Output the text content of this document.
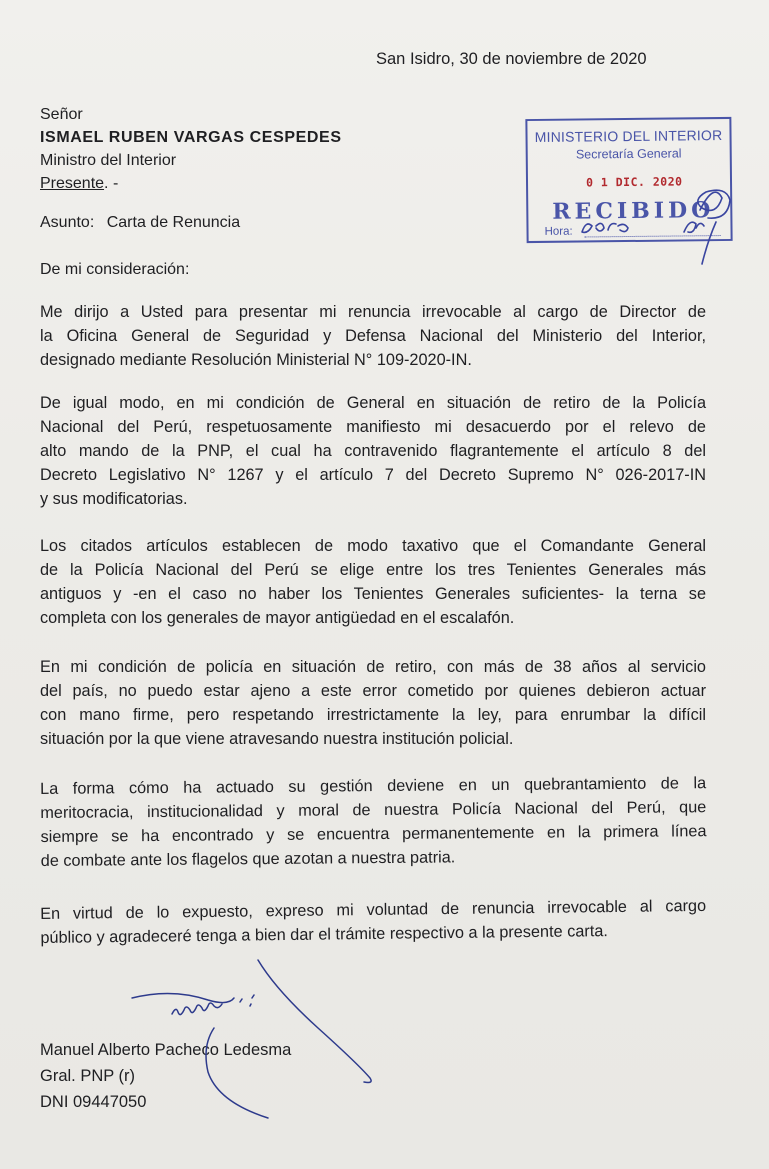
San Isidro, 30 de noviembre de 2020
Señor
ISMAEL RUBEN VARGAS CESPEDES
Ministro del Interior
Presente. -
Asunto: Carta de Renuncia
De mi consideración:
Me dirijo a Usted para presentar mi renuncia irrevocable al cargo de Director de
la Oficina General de Seguridad y Defensa Nacional del Ministerio del Interior,
designado mediante Resolución Ministerial N° 109-2020-IN.
De igual modo, en mi condición de General en situación de retiro de la Policía
Nacional del Perú, respetuosamente manifiesto mi desacuerdo por el relevo de
alto mando de la PNP, el cual ha contravenido flagrantemente el artículo 8 del
Decreto Legislativo N° 1267 y el artículo 7 del Decreto Supremo N° 026-2017-IN
y sus modificatorias.
Los citados artículos establecen de modo taxativo que el Comandante General
de la Policía Nacional del Perú se elige entre los tres Tenientes Generales más
antiguos y -en el caso no haber los Tenientes Generales suficientes- la terna se
completa con los generales de mayor antigüedad en el escalafón.
En mi condición de policía en situación de retiro, con más de 38 años al servicio
del país, no puedo estar ajeno a este error cometido por quienes debieron actuar
con mano firme, pero respetando irrestrictamente la ley, para enrumbar la difícil
situación por la que viene atravesando nuestra institución policial.
La forma cómo ha actuado su gestión deviene en un quebrantamiento de la
meritocracia, institucionalidad y moral de nuestra Policía Nacional del Perú, que
siempre se ha encontrado y se encuentra permanentemente en la primera línea
de combate ante los flagelos que azotan a nuestra patria.
En virtud de lo expuesto, expreso mi voluntad de renuncia irrevocable al cargo
público y agradeceré tenga a bien dar el trámite respectivo a la presente carta.
Manuel Alberto Pacheco Ledesma
Gral. PNP (r)
DNI 09447050
MINISTERIO DEL INTERIOR
Secretaría General
0 1 DIC. 2020
RECIBIDO
Hora:
